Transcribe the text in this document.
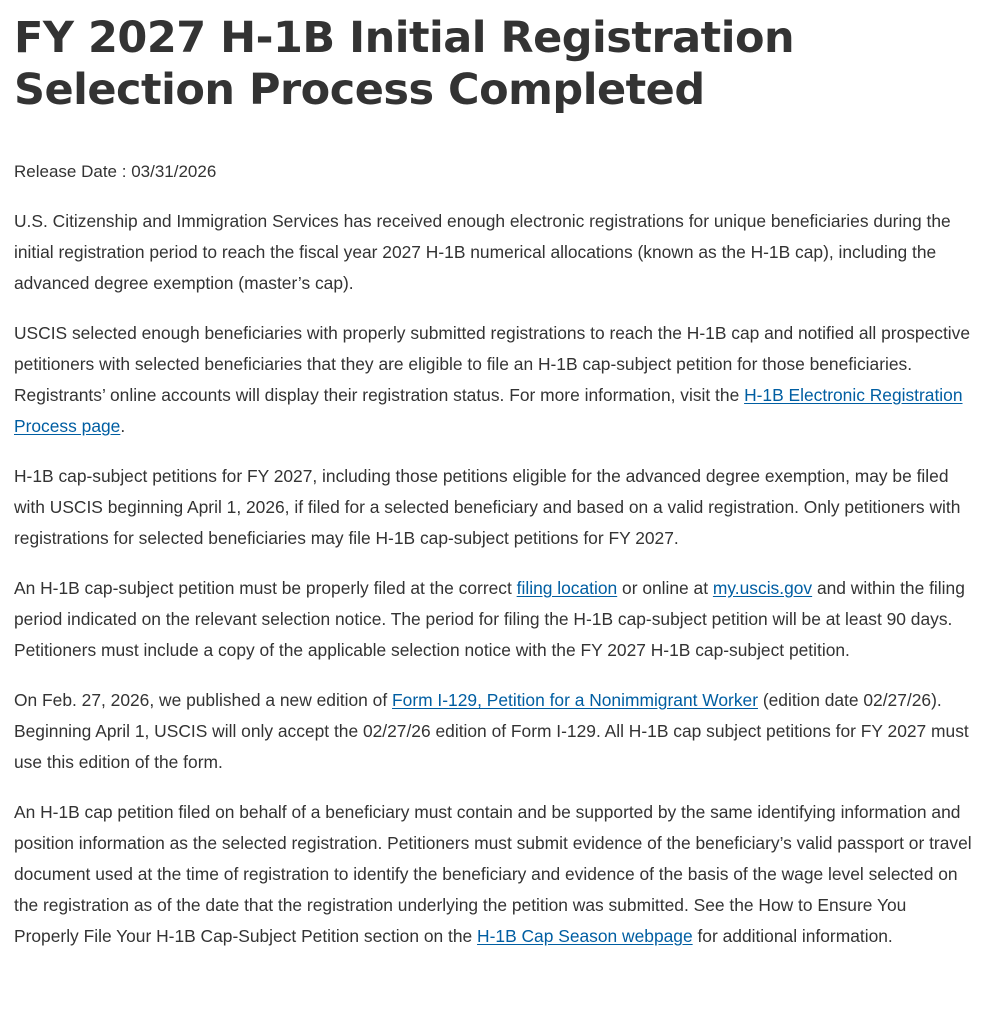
FY 2027 H-1B Initial Registration Selection Process Completed

Release Date : 03/31/2026

U.S. Citizenship and Immigration Services has received enough electronic registrations for unique beneficiaries during the initial registration period to reach the fiscal year 2027 H-1B numerical allocations (known as the H-1B cap), including the advanced degree exemption (master’s cap).

USCIS selected enough beneficiaries with properly submitted registrations to reach the H-1B cap and notified all prospective petitioners with selected beneficiaries that they are eligible to file an H-1B cap-subject petition for those beneficiaries. Registrants’ online accounts will display their registration status. For more information, visit the H-1B Electronic Registration Process page.

H-1B cap-subject petitions for FY 2027, including those petitions eligible for the advanced degree exemption, may be filed with USCIS beginning April 1, 2026, if filed for a selected beneficiary and based on a valid registration. Only petitioners with registrations for selected beneficiaries may file H-1B cap-subject petitions for FY 2027.

An H-1B cap-subject petition must be properly filed at the correct filing location or online at my.uscis.gov and within the filing period indicated on the relevant selection notice. The period for filing the H-1B cap-subject petition will be at least 90 days. Petitioners must include a copy of the applicable selection notice with the FY 2027 H-1B cap-subject petition.

On Feb. 27, 2026, we published a new edition of Form I-129, Petition for a Nonimmigrant Worker (edition date 02/27/26). Beginning April 1, USCIS will only accept the 02/27/26 edition of Form I-129. All H-1B cap subject petitions for FY 2027 must use this edition of the form.

An H-1B cap petition filed on behalf of a beneficiary must contain and be supported by the same identifying information and position information as the selected registration. Petitioners must submit evidence of the beneficiary’s valid passport or travel document used at the time of registration to identify the beneficiary and evidence of the basis of the wage level selected on the registration as of the date that the registration underlying the petition was submitted. See the How to Ensure You Properly File Your H-1B Cap-Subject Petition section on the H-1B Cap Season webpage for additional information.
